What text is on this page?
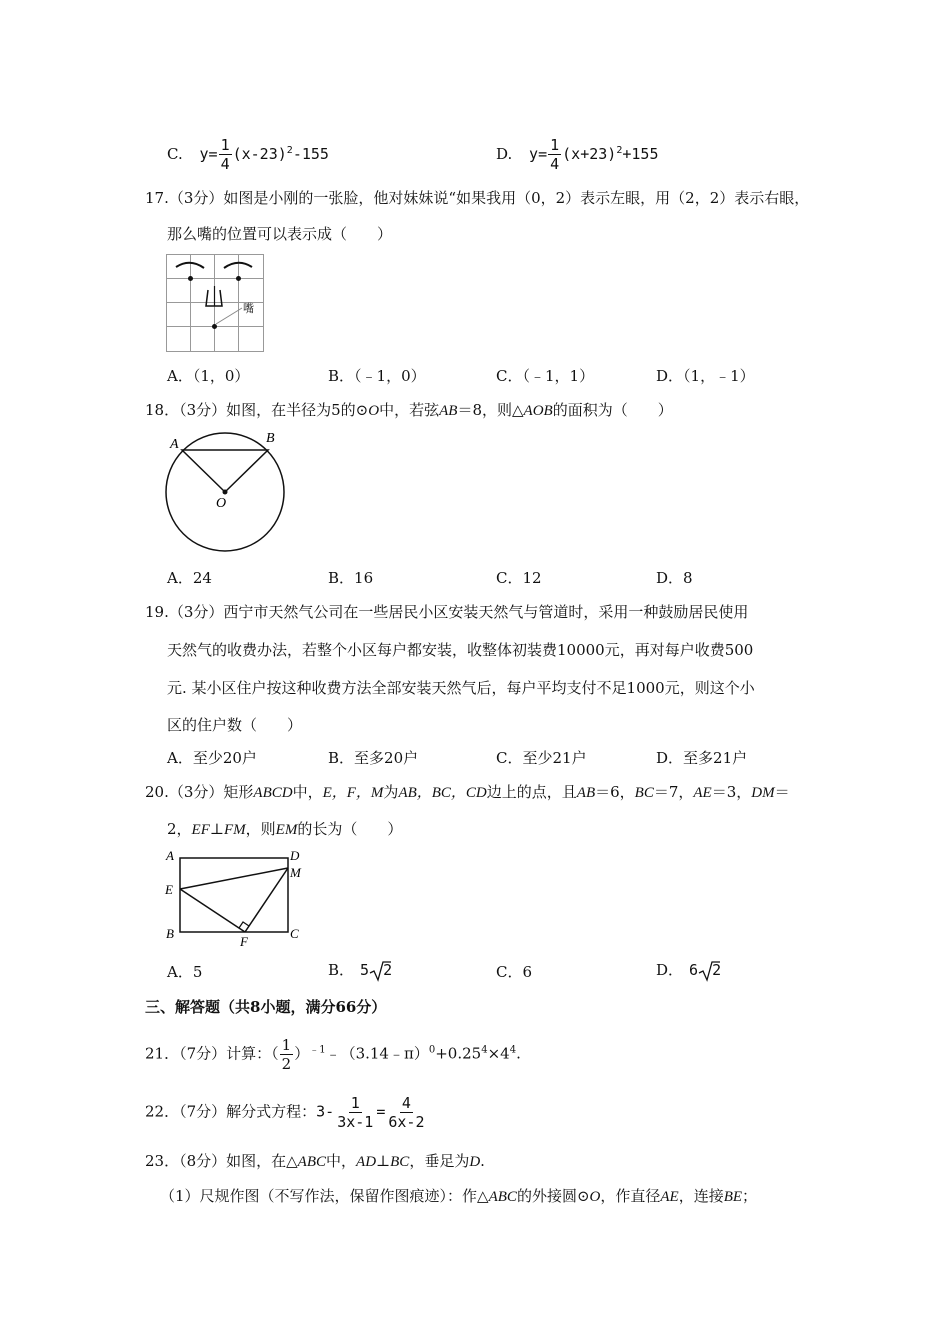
C. $y= \frac{1}{4} (x-23)^2-155$	D. $y= \frac{1}{4} (x+23)^2+155$
17.（3分）如图是小刚的一张脸，他对妹妹说“如果我用（0，2）表示左眼，用（2，2）表示右眼，
那么嘴的位置可以表示成（　　）
嘴
A．（1，0）	B．（﹣1，0）	C．（﹣1，1）	D．（1，﹣1）
18．（3分）如图，在半径为5的⊙O中，若弦AB＝8，则△AOB的面积为（　　）
A	B
O
A．24	B．16	C．12	D．8
19.（3分）西宁市天然气公司在一些居民小区安装天然气与管道时，采用一种鼓励居民使用
天然气的收费办法，若整个小区每户都安装，收整体初装费10000元，再对每户收费500
元. 某小区住户按这种收费方法全部安装天然气后，每户平均支付不足1000元，则这个小
区的住户数（　　）
A．至少20户	B．至多20户	C．至少21户	D．至多21户
20.（3分）矩形ABCD中，E，F，M为AB，BC，CD边上的点，且AB＝6，BC＝7，AE＝3，DM＝
2，EF⊥FM，则EM的长为（　　）
A	D
M
E
B
F
C
A．5	B． 5 2	C．6	D． 6 2
三、解答题（共8小题，满分66分）
21．（7分）计算：（ $\frac{1}{2}$ ）$^{﹣1}﹣(3.14﹣\pi)^0+0.25^4\times 4^4$.
22．（7分）解分式方程：$3- \frac{1}{3x-1} = \frac{4}{6x-2}$
23．（8分）如图，在△ABC中，AD⊥BC，垂足为D.
（1）尺规作图（不写作法，保留作图痕迹）：作△ABC的外接圆⊙O，作直径AE，连接BE；
